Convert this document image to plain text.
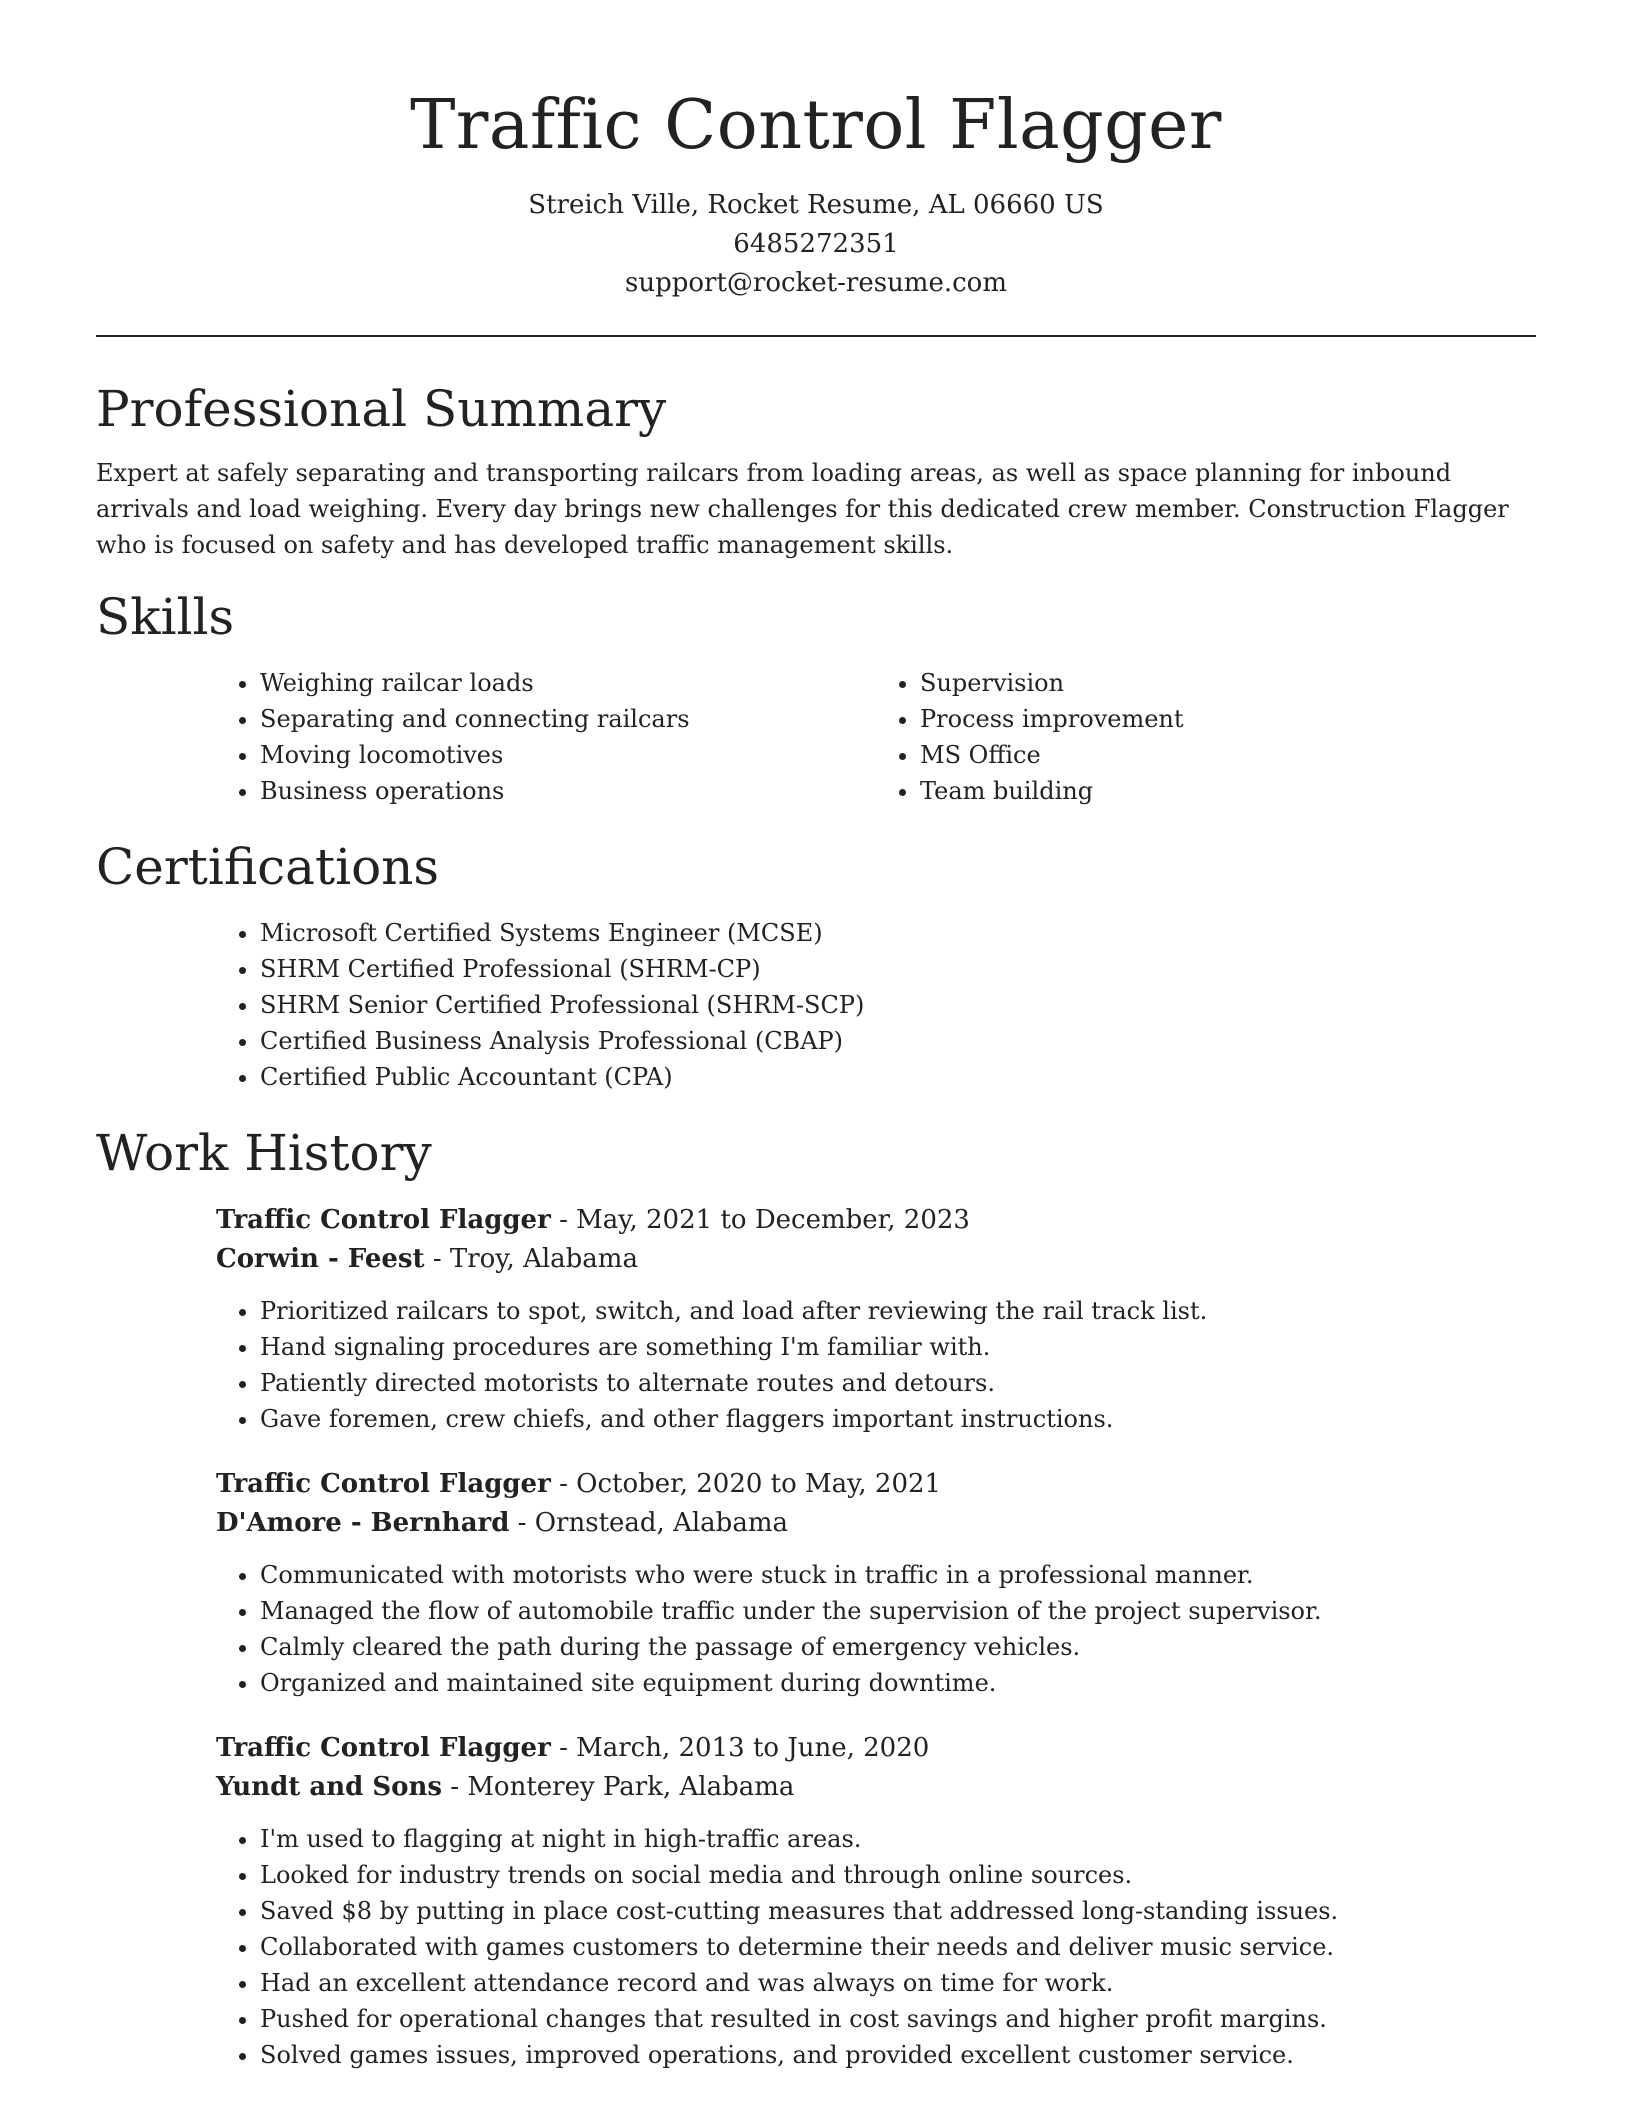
Traffic Control Flagger
Streich Ville, Rocket Resume, AL 06660 US
6485272351
support@rocket-resume.com
Professional Summary

Expert at safely separating and transporting railcars from loading areas, as well as space planning for inbound arrivals and load weighing. Every day brings new challenges for this dedicated crew member. Construction Flagger who is focused on safety and has developed traffic management skills.

Skills
• Weighing railcar loads
• Separating and connecting railcars
• Moving locomotives
• Business operations
• Supervision
• Process improvement
• MS Office
• Team building
Certifications
• Microsoft Certified Systems Engineer (MCSE)
• SHRM Certified Professional (SHRM-CP)
• SHRM Senior Certified Professional (SHRM-SCP)
• Certified Business Analysis Professional (CBAP)
• Certified Public Accountant (CPA)
Work History
Traffic Control Flagger - May, 2021 to December, 2023
Corwin - Feest - Troy, Alabama
• Prioritized railcars to spot, switch, and load after reviewing the rail track list.
• Hand signaling procedures are something I'm familiar with.
• Patiently directed motorists to alternate routes and detours.
• Gave foremen, crew chiefs, and other flaggers important instructions.
Traffic Control Flagger - October, 2020 to May, 2021
D'Amore - Bernhard - Ornstead, Alabama
• Communicated with motorists who were stuck in traffic in a professional manner.
• Managed the flow of automobile traffic under the supervision of the project supervisor.
• Calmly cleared the path during the passage of emergency vehicles.
• Organized and maintained site equipment during downtime.
Traffic Control Flagger - March, 2013 to June, 2020
Yundt and Sons - Monterey Park, Alabama
• I'm used to flagging at night in high-traffic areas.
• Looked for industry trends on social media and through online sources.
• Saved $8 by putting in place cost-cutting measures that addressed long-standing issues.
• Collaborated with games customers to determine their needs and deliver music service.
• Had an excellent attendance record and was always on time for work.
• Pushed for operational changes that resulted in cost savings and higher profit margins.
• Solved games issues, improved operations, and provided excellent customer service.
